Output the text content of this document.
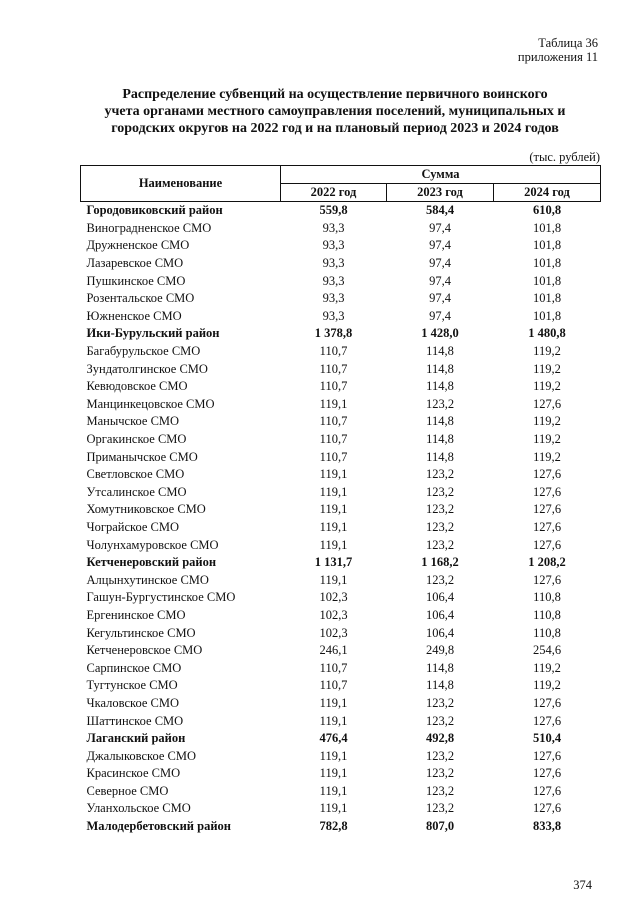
Таблица 36
приложения 11
Распределение субвенций на осуществление первичного воинского
учета органами местного самоуправления поселений, муниципальных и
городских округов на 2022 год и на плановый период 2023 и 2024 годов
(тыс. рублей)
Наименование	Сумма		
	2022 год	2023 год	2024 год
Городовиковский район	559,8	584,4	610,8
Виноградненское СМО	93,3	97,4	101,8
Дружненское СМО	93,3	97,4	101,8
Лазаревское СМО	93,3	97,4	101,8
Пушкинское СМО	93,3	97,4	101,8
Розентальское СМО	93,3	97,4	101,8
Южненское СМО	93,3	97,4	101,8
Ики-Бурульский район	1 378,8	1 428,0	1 480,8
Багабурульское СМО	110,7	114,8	119,2
Зундатолгинское СМО	110,7	114,8	119,2
Кевюдовское СМО	110,7	114,8	119,2
Манцинкецовское СМО	119,1	123,2	127,6
Манычское СМО	110,7	114,8	119,2
Оргакинское СМО	110,7	114,8	119,2
Приманычское СМО	110,7	114,8	119,2
Светловское СМО	119,1	123,2	127,6
Утсалинское СМО	119,1	123,2	127,6
Хомутниковское СМО	119,1	123,2	127,6
Чограйское СМО	119,1	123,2	127,6
Чолунхамуровское СМО	119,1	123,2	127,6
Кетченеровский район	1 131,7	1 168,2	1 208,2
Алцынхутинское СМО	119,1	123,2	127,6
Гашун-Бургустинское СМО	102,3	106,4	110,8
Ергенинское СМО	102,3	106,4	110,8
Кегультинское СМО	102,3	106,4	110,8
Кетченеровское СМО	246,1	249,8	254,6
Сарпинское СМО	110,7	114,8	119,2
Тугтунское СМО	110,7	114,8	119,2
Чкаловское СМО	119,1	123,2	127,6
Шаттинское СМО	119,1	123,2	127,6
Лаганский район	476,4	492,8	510,4
Джалыковское СМО	119,1	123,2	127,6
Красинское СМО	119,1	123,2	127,6
Северное СМО	119,1	123,2	127,6
Уланхольское СМО	119,1	123,2	127,6
Малодербетовский район	782,8	807,0	833,8
374
